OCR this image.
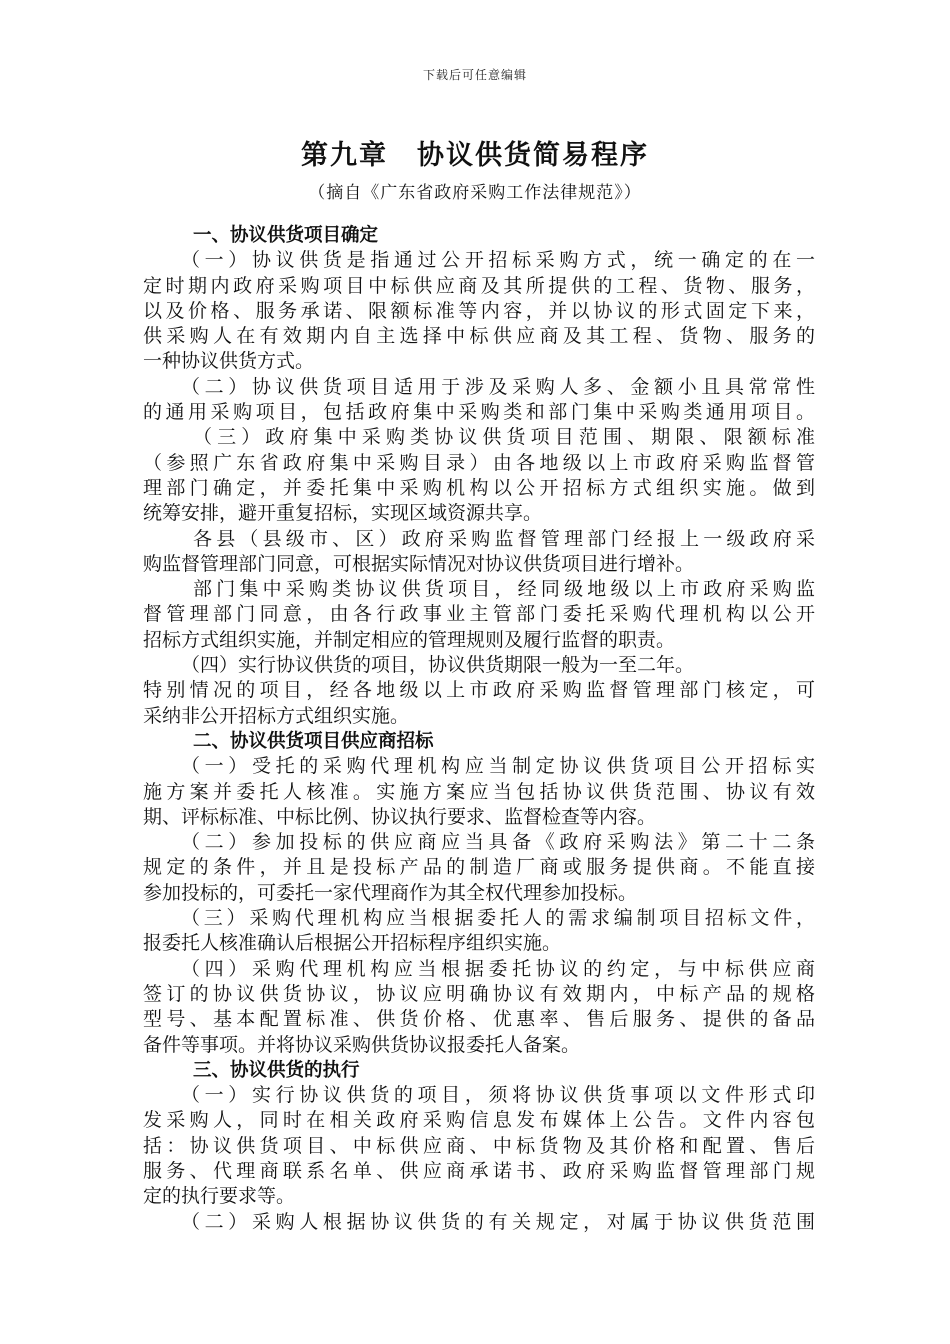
下载后可任意编辑
第九章　协议供货简易程序
（摘自《广东省政府采购工作法律规范》）
一、协议供货项目确定
（一）协议供货是指通过公开招标采购方式，统一确定的在一
定时期内政府采购项目中标供应商及其所提供的工程、货物、服务，
以及价格、服务承诺、限额标准等内容，并以协议的形式固定下来，
供采购人在有效期内自主选择中标供应商及其工程、货物、服务的
一种协议供货方式。
（二）协议供货项目适用于涉及采购人多、金额小且具常常性
的通用采购项目，包括政府集中采购类和部门集中采购类通用项目。
（三）政府集中采购类协议供货项目范围、期限、限额标准
（参照广东省政府集中采购目录）由各地级以上市政府采购监督管
理部门确定，并委托集中采购机构以公开招标方式组织实施。做到
统筹安排，避开重复招标，实现区域资源共享。
各县（县级市、区）政府采购监督管理部门经报上一级政府采
购监督管理部门同意，可根据实际情况对协议供货项目进行增补。
部门集中采购类协议供货项目，经同级地级以上市政府采购监
督管理部门同意，由各行政事业主管部门委托采购代理机构以公开
招标方式组织实施，并制定相应的管理规则及履行监督的职责。
（四）实行协议供货的项目，协议供货期限一般为一至二年。
特别情况的项目，经各地级以上市政府采购监督管理部门核定，可
采纳非公开招标方式组织实施。
二、协议供货项目供应商招标
（一）受托的采购代理机构应当制定协议供货项目公开招标实
施方案并委托人核准。实施方案应当包括协议供货范围、协议有效
期、评标标准、中标比例、协议执行要求、监督检查等内容。
（二）参加投标的供应商应当具备《政府采购法》第二十二条
规定的条件，并且是投标产品的制造厂商或服务提供商。不能直接
参加投标的，可委托一家代理商作为其全权代理参加投标。
（三）采购代理机构应当根据委托人的需求编制项目招标文件，
报委托人核准确认后根据公开招标程序组织实施。
（四）采购代理机构应当根据委托协议的约定，与中标供应商
签订的协议供货协议，协议应明确协议有效期内，中标产品的规格
型号、基本配置标准、供货价格、优惠率、售后服务、提供的备品
备件等事项。并将协议采购供货协议报委托人备案。
三、协议供货的执行
（一）实行协议供货的项目，须将协议供货事项以文件形式印
发采购人，同时在相关政府采购信息发布媒体上公告。文件内容包
括：协议供货项目、中标供应商、中标货物及其价格和配置、售后
服务、代理商联系名单、供应商承诺书、政府采购监督管理部门规
定的执行要求等。
（二）采购人根据协议供货的有关规定，对属于协议供货范围
